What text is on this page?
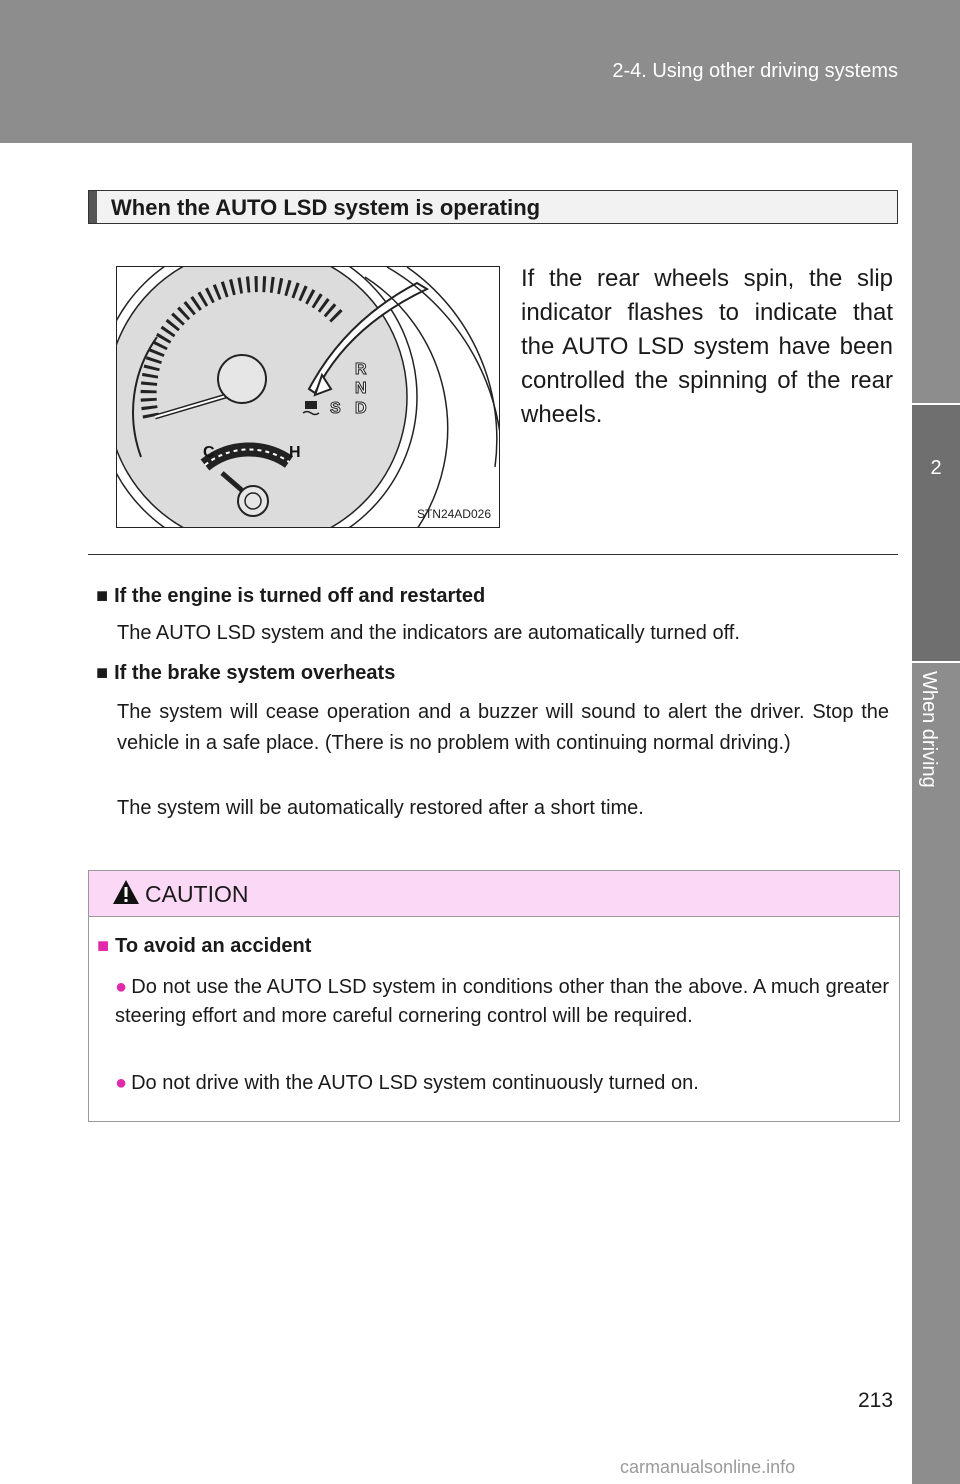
2-4. Using other driving systems
2
When driving
When the AUTO LSD system is operating
C	H
R
N
D
S
STN24AD026
If the rear wheels spin, the slip indicator flashes to indicate that the AUTO LSD system have been controlled the spinning of the rear wheels.
■ If the engine is turned off and restarted
The AUTO LSD system and the indicators are automatically turned off.
■ If the brake system overheats
The system will cease operation and a buzzer will sound to alert the driver. Stop the vehicle in a safe place. (There is no problem with continuing normal driving.)
The system will be automatically restored after a short time.
CAUTION
■ To avoid an accident
● Do not use the AUTO LSD system in conditions other than the above. A much greater steering effort and more careful cornering control will be required.
● Do not drive with the AUTO LSD system continuously turned on.
213
carmanualsonline.info
